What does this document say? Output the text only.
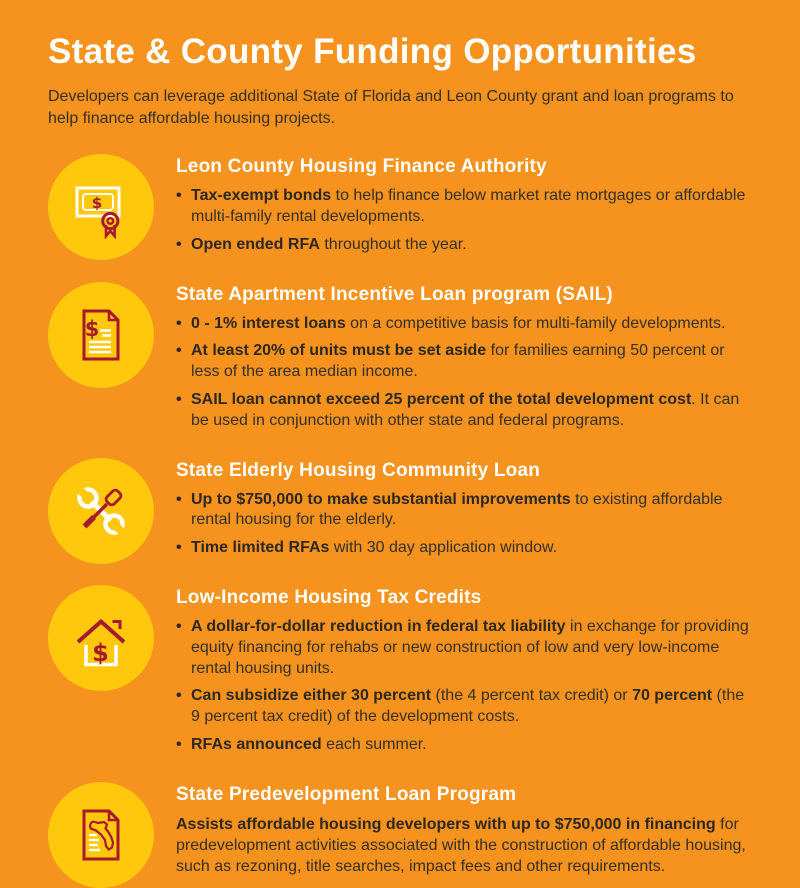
State & County Funding Opportunities

Developers can leverage additional State of Florida and Leon County grant and loan programs to help finance affordable housing projects.

$
Leon County Housing Finance Authority
• Tax-exempt bonds to help finance below market rate mortgages or affordable multi-family rental developments.
• Open ended RFA throughout the year.
$
State Apartment Incentive Loan program (SAIL)
• 0 - 1% interest loans on a competitive basis for multi-family developments.
• At least 20% of units must be set aside for families earning 50 percent or less of the area median income.
• SAIL loan cannot exceed 25 percent of the total development cost. It can be used in conjunction with other state and federal programs.
State Elderly Housing Community Loan
• Up to $750,000 to make substantial improvements to existing affordable rental housing for the elderly.
• Time limited RFAs with 30 day application window.
$
Low-Income Housing Tax Credits
• A dollar-for-dollar reduction in federal tax liability in exchange for providing equity financing for rehabs or new construction of low and very low-income rental housing units.
• Can subsidize either 30 percent (the 4 percent tax credit) or 70 percent (the 9 percent tax credit) of the development costs.
• RFAs announced each summer.
State Predevelopment Loan Program

Assists affordable housing developers with up to $750,000 in financing for predevelopment activities associated with the construction of affordable housing, such as rezoning, title searches, impact fees and other requirements.
